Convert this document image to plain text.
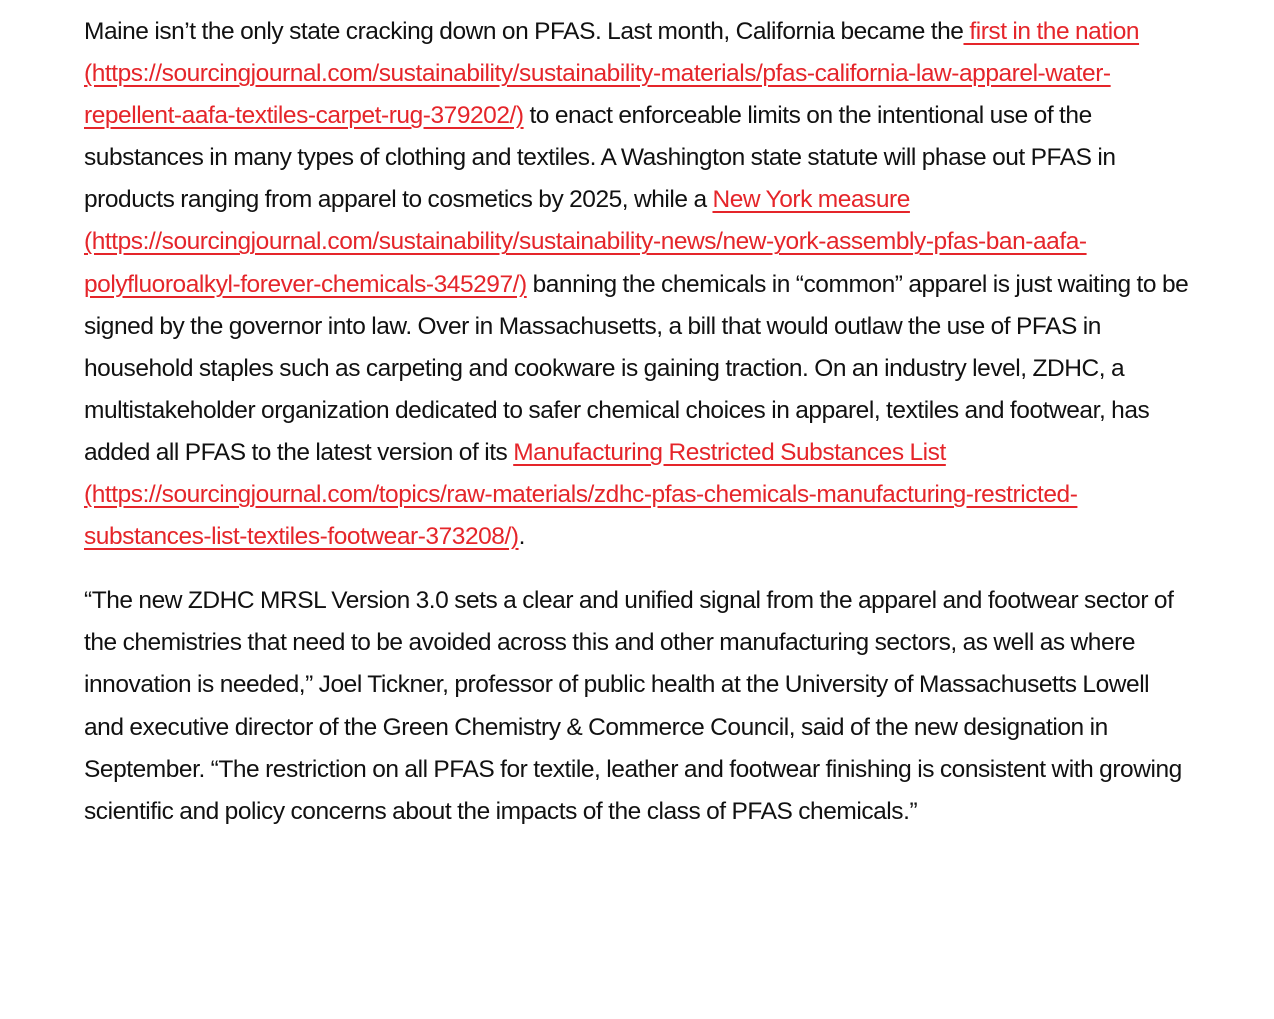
Maine isn’t the only state cracking down on PFAS. Last month, California became the first in the nation (https://sourcingjournal.com/sustainability/sustainability-materials/pfas-california-law-apparel-water-repellent-aafa-textiles-carpet-rug-379202/) to enact enforceable limits on the intentional use of the substances in many types of clothing and textiles. A Washington state statute will phase out PFAS in products ranging from apparel to cosmetics by 2025, while a New York measure (https://sourcingjournal.com/sustainability/sustainability-news/new-york-assembly-pfas-ban-aafa-polyfluoroalkyl-forever-chemicals-345297/) banning the chemicals in “common” apparel is just waiting to be signed by the governor into law. Over in Massachusetts, a bill that would outlaw the use of PFAS in household staples such as carpeting and cookware is gaining traction. On an industry level, ZDHC, a multistakeholder organization dedicated to safer chemical choices in apparel, textiles and footwear, has added all PFAS to the latest version of its Manufacturing Restricted Substances List (https://sourcingjournal.com/topics/raw-materials/zdhc-pfas-chemicals-manufacturing-restricted-substances-list-textiles-footwear-373208/).

“The new ZDHC MRSL Version 3.0 sets a clear and unified signal from the apparel and footwear sector of the chemistries that need to be avoided across this and other manufacturing sectors, as well as where innovation is needed,” Joel Tickner, professor of public health at the University of Massachusetts Lowell and executive director of the Green Chemistry & Commerce Council, said of the new designation in September. “The restriction on all PFAS for textile, leather and footwear finishing is consistent with growing scientific and policy concerns about the impacts of the class of PFAS chemicals.”
